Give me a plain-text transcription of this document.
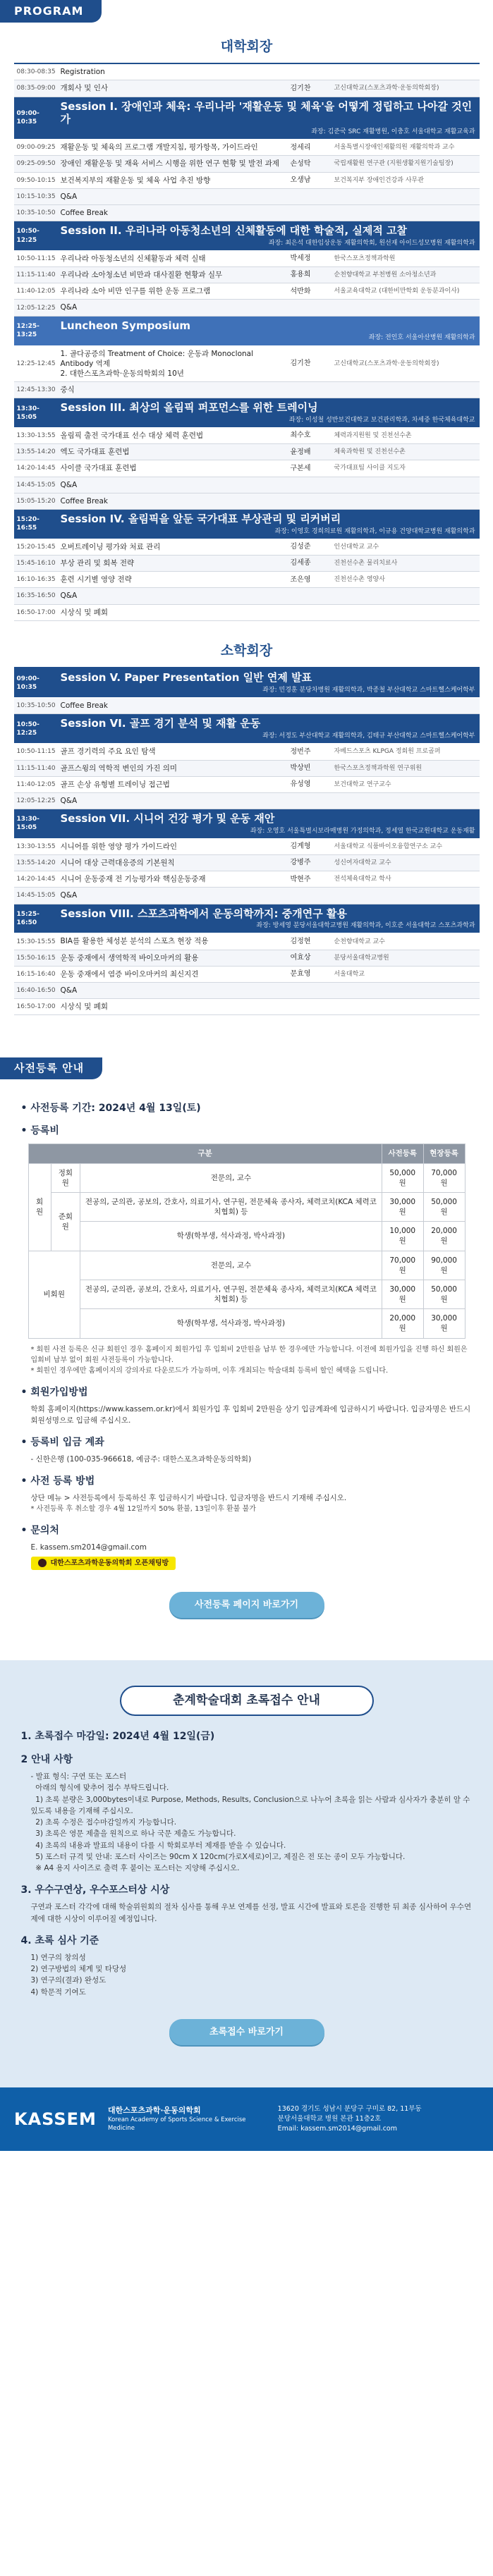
PROGRAM
대학회장
08:30-08:35 Registration
08:35-09:00 개회사 및 인사	김기찬	고신대학교(스포츠과학·운동의학회장)
09:00-10:35
Session I. 장애인과 체육: 우리나라 '재활운동 및 체육'을 어떻게 정립하고 나아갈 것인가
좌장: 김준국 SRC 재활병원, 이충호 서울대학교 재활교육과
09:00-09:25 재활운동 및 체육의 프로그램 개발지침, 평가항목, 가이드라인	정세리	서울특별시장애인재활의원 재활의학과 교수
09:25-09:50 장애인 재활운동 및 재육 서비스 시행을 위한 연구 현황 및 발전 과제	손성탁	국립재활원 연구관 (지원생활지원기술팀장)
09:50-10:15 보건복지부의 재활운동 및 체육 사업 추진 방향	오생남	보건복지부 장애인건강과 사무관
10:15-10:35 Q&A
10:35-10:50 Coffee Break
10:50-12:25
Session II. 우리나라 아동청소년의 신체활동에 대한 학술적, 실제적 고찰
좌장: 최은석 대한임상운동 재활의학회, 원선재 아이드성모병원 재활의학과
10:50-11:15 우리나라 아동청소년의 신체활동과 체력 실태	박세정	한국스포츠정책과학원
11:15-11:40 우리나라 소아청소년 비만과 대사질환 현황과 실무	홍용희	순천향대학교 부천병원 소아청소년과
11:40-12:05 우리나라 소아 비만 인구를 위한 운동 프로그램	석반화	서울교육대학교 (대한비만학회 운동분과이사)
12:05-12:25 Q&A
12:25-13:25
Luncheon Symposium
좌장: 전인호 서울아산병원 재활의학과
12:25-12:45
1. 골다공증의 Treatment of Choice: 운동과 Monoclonal Antibody 역제
2. 대한스포츠과학·운동의학회의 10년
김기찬	고신대학교(스포츠과학·운동의학회장)
12:45-13:30 중식
13:30-15:05
Session III. 최상의 올림픽 퍼포먼스를 위한 트레이닝
좌장: 이성철 성반보건대학교 보건관리학과, 차세중 한국체육대학교
13:30-13:55 올림픽 출전 국가대표 선수 대상 체력 훈련법	최수호	체력과지원원 및 진천선수촌
13:55-14:20 엑도 국가대표 훈련법	윤정배	체육과학원 및 진천선수촌
14:20-14:45 사이클 국가대표 훈련법	구본세	국가대표팀 사이클 지도자
14:45-15:05 Q&A
15:05-15:20 Coffee Break
15:20-16:55
Session IV. 올림픽을 앞둔 국가대표 부상관리 및 리커버리
좌장: 이영호 경희의료원 재활의학과, 이규용 건양대학교병원 재활의학과
15:20-15:45 오버트레이닝 평가와 처료 관리	김성준	인선대학교 교수
15:45-16:10 부상 관리 및 회복 전략	김세종	진천선수촌 물리치료사
16:10-16:35 훈련 시기별 영양 전략	조은영	진천선수촌 영양사
16:35-16:50 Q&A
16:50-17:00 시상식 및 폐회
소학회장
09:00-10:35
Session V. Paper Presentation 일반 연제 발표
좌장: 민경훈 분당차병원 재활의학과, 박종철 부산대학교 스마트헬스케어학부
10:35-10:50 Coffee Break
10:50-12:25
Session VI. 골프 경기 분석 및 재활 운동
좌장: 서정도 부산대학교 재활의학과, 김태규 부산대학교 스마트헬스케어학부
10:50-11:15 골프 경기력의 주요 요인 탐색	정번주	자베드스포츠 KLPGA 정회원 프로골퍼
11:15-11:40 골프스윙의 역학적 변인의 가진 의미	박상빈	한국스포츠정책과학원 연구위원
11:40-12:05 골프 손상 유형별 트레이닝 접근법	유성영	보건대학교 연구교수
12:05-12:25 Q&A
13:30-15:05
Session VII. 시니어 건강 평가 및 운동 재안
좌장: 오영호 서울특별시보라매병원 가정의학과, 정세열 한국교원대학교 운동재활
13:30-13:55 시니어를 위한 영양 평가 가이드라인	김계형	서울대학교 식품바이오융합연구소 교수
13:55-14:20 시니어 대상 근력대응증의 기본원칙	강병주	성신여자대학교 교수
14:20-14:45 시니어 운동중재 전 기능평가와 핵심운동중재	박현주	전석체육대학교 학사
14:45-15:05 Q&A
15:25-16:50
Session VIII. 스포츠과학에서 운동의학까지: 중개연구 활용
좌장: 방세영 분당서울대학교병원 재활의학과, 이호준 서울대학교 스포츠과학과
15:30-15:55 BIA를 활용한 체성분 분석의 스포츠 현장 적용	김정현	순천향대학교 교수
15:50-16:15 운동 중재에서 생역학적 바이오마커의 활용	여효상	분당서울대학교병원
16:15-16:40 운동 중재에서 염증 바이오마커의 최신지견	문효영	서울대학교
16:40-16:50 Q&A
16:50-17:00 시상식 및 폐회
사전등록 안내
• 사전등록 기간: 2024년 4월 13일(토)
• 등록비
구분			사전등록	현장등록
회원	정회원	전문의, 교수	50,000원	70,000원
	준회원	전공의, 군의관, 공보의, 간호사, 의료기사, 연구원, 전문체육 종사자, 체력코치(KCA 체력코치협회) 등	30,000원	50,000원
		학생(학부생, 석사과정, 박사과정)	10,000원	20,000원
비회원		전문의, 교수	70,000원	90,000원
		전공의, 군의관, 공보의, 간호사, 의료기사, 연구원, 전문체육 종사자, 체력코치(KCA 체력코치협회) 등	30,000원	50,000원
		학생(학부생, 석사과정, 박사과정)	20,000원	30,000원
* 회원 사전 등록은 신규 회원인 경우 홈페이지 회원가입 후 입회비 2만원을 납부 한 경우에만 가능합니다. 이전에 회원가입을 진행 하신 회원은 입회비 납부 없이 회원 사전등록이 가능합니다.
* 회원인 경우에만 홈페이지의 강의자료 다운로드가 가능하며, 이후 개최되는 학술대회 등록비 할인 혜택을 드립니다.
• 회원가입방법
학회 홈페이지(https://www.kassem.or.kr)에서 회원가입 후 입회비 2만원을 상기 입금계좌에 입금하시기 바랍니다. 입금자명은 반드시 회원성명으로 입금해 주십시오.
• 등록비 입금 계좌
- 신한은행 (100-035-966618, 예금주: 대한스포츠과학운동의학회)
• 사전 등록 방법
상단 메뉴 > 사전등록에서 등록하신 후 입금하시기 바랍니다. 입금자명을 반드시 기재해 주십시오.
* 사전등록 후 취소할 경우 4월 12일까지 50% 환불, 13일이후 환불 불가
• 문의처
E. kassem.sm2014@gmail.com
대한스포츠과학운동의학회 오픈채팅방
사전등록 페이지 바로가기
춘계학술대회 초록접수 안내
1. 초록접수 마감일: 2024년 4월 12일(금)
2 안내 사항
- 발표 형식: 구연 또는 포스터
아래의 형식에 맞추어 접수 부탁드립니다.
1) 초록 분량은 3,000bytes이내로 Purpose, Methods, Results, Conclusion으로 나누어 초록을 읽는 사람과 심사자가 충분히 알 수 있도록 내용을 기재해 주십시오.
2) 초록 수정은 접수마감일까지 가능합니다.
3) 초록은 영문 제출을 원칙으로 하나 국문 제출도 가능합니다.
4) 초록의 내용과 발표의 내용이 다를 시 학회로부터 제재를 받을 수 있습니다.
5) 포스터 규격 및 안내: 포스터 사이즈는 90cm X 120cm(가로X세로)이고, 제질은 전 또는 종이 모두 가능합니다.
※ A4 용지 사이즈로 출력 후 붙이는 포스터는 지양해 주십시오.
3. 우수구연상, 우수포스터상 시상
구연과 포스터 각각에 대해 학술위원회의 절차 심사를 통해 우보 연제를 선정, 발표 시간에 발표와 토론을 진행한 뒤 최종 심사하여 우수연제에 대한 시상이 이루어질 예정입니다.
4. 초록 심사 기준
1) 연구의 창의성
2) 연구방법의 체계 및 타당성
3) 연구의(결과) 완성도
4) 학문적 기여도
초록접수 바로가기
KASSEM 대한스포츠과학·운동의학회
Korean Academy of Sports Science & Exercise Medicine
13620 경기도 성남시 분당구 구미로 82, 11부동
분당서울대학교 병원 본관 11층2호
Email: kassem.sm2014@gmail.com
